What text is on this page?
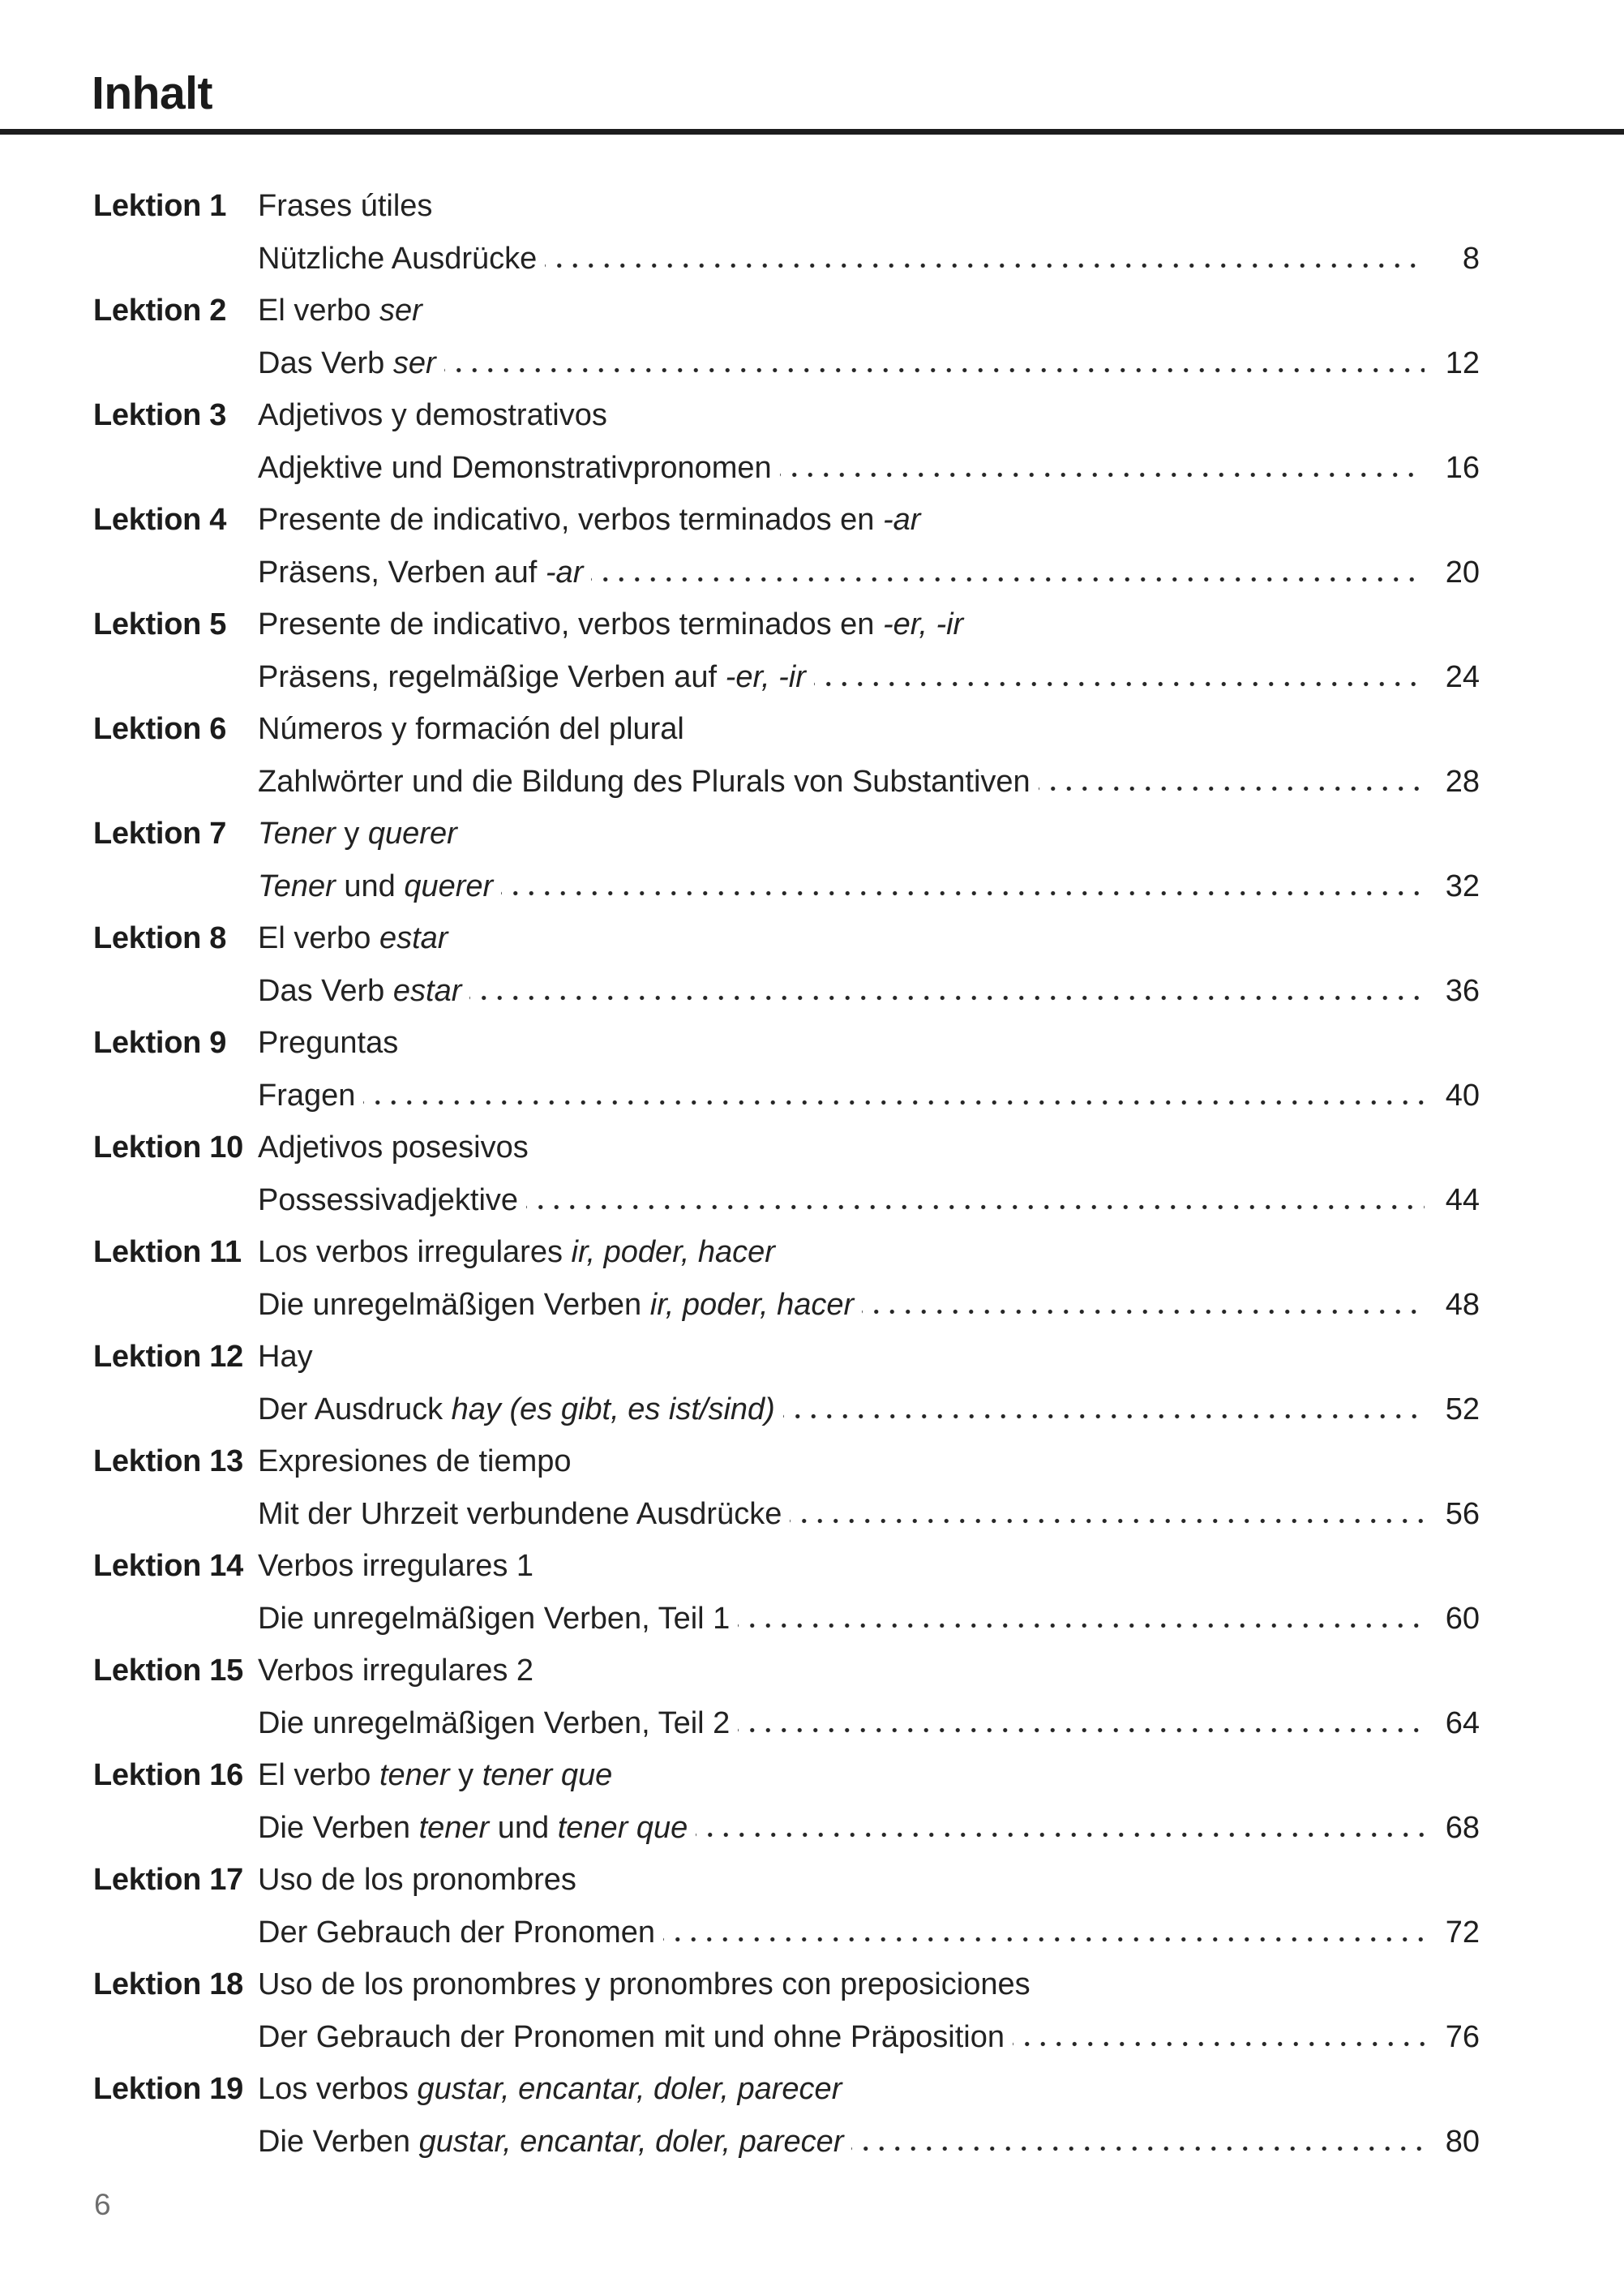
Inhalt
Lektion 1	Frases útiles
Nützliche Ausdrücke	8
Lektion 2	El verbo ser
Das Verb ser	12
Lektion 3	Adjetivos y demostrativos
Adjektive und Demonstrativpronomen	16
Lektion 4	Presente de indicativo, verbos terminados en -ar
Präsens, Verben auf -ar	20
Lektion 5	Presente de indicativo, verbos terminados en -er, -ir
Präsens, regelmäßige Verben auf -er, -ir	24
Lektion 6	Números y formación del plural
Zahlwörter und die Bildung des Plurals von Substantiven	28
Lektion 7	Tener y querer
Tener und querer	32
Lektion 8	El verbo estar
Das Verb estar	36
Lektion 9	Preguntas
Fragen	40
Lektion 10 Adjetivos posesivos
Possessivadjektive	44
Lektion 11 Los verbos irregulares ir, poder, hacer
Die unregelmäßigen Verben ir, poder, hacer	48
Lektion 12 Hay
Der Ausdruck hay (es gibt, es ist/sind)	52
Lektion 13 Expresiones de tiempo
Mit der Uhrzeit verbundene Ausdrücke	56
Lektion 14 Verbos irregulares 1
Die unregelmäßigen Verben, Teil 1	60
Lektion 15 Verbos irregulares 2
Die unregelmäßigen Verben, Teil 2	64
Lektion 16 El verbo tener y tener que
Die Verben tener und tener que	68
Lektion 17 Uso de los pronombres
Der Gebrauch der Pronomen	72
Lektion 18 Uso de los pronombres y pronombres con preposiciones
Der Gebrauch der Pronomen mit und ohne Präposition	76
Lektion 19 Los verbos gustar, encantar, doler, parecer
Die Verben gustar, encantar, doler, parecer	80
6
